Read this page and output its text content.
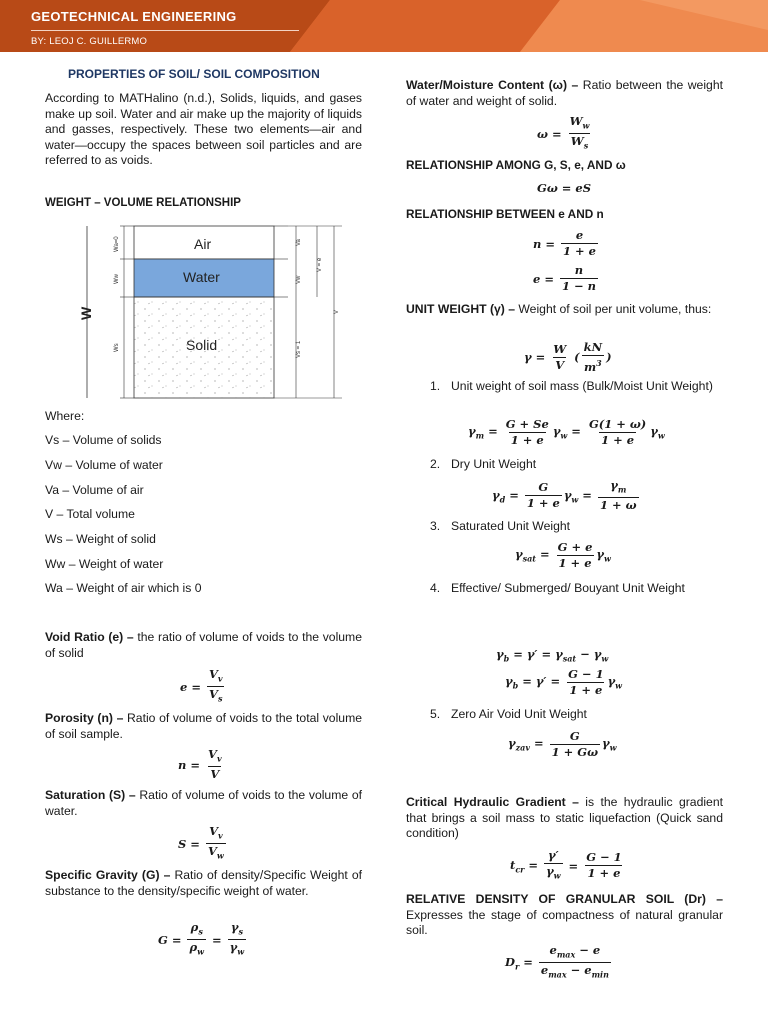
GEOTECHNICAL ENGINEERING
BY: LEOJ C. GUILLERMO
PROPERTIES OF SOIL/ SOIL COMPOSITION
According to MATHalino (n.d.), Solids, liquids, and gases make up soil. Water and air make up the majority of liquids and gasses, respectively. These two elements—air and water—occupy the spaces between soil particles and are referred to as voids.
WEIGHT – VOLUME RELATIONSHIP
Air
Water
Solid
W
Wa=0
Ww
Ws
Va
Vw
Vs = 1
V = e
V
Where:
Vs – Volume of solids
Vw – Volume of water
Va – Volume of air
V – Total volume
Ws – Weight of solid
Ww – Weight of water
Wa – Weight of air which is 0
Void Ratio (e) – the ratio of volume of voids to the volume of solid
$e = \frac{V_v}{V_s}$
Porosity (n) – Ratio of volume of voids to the total volume of soil sample.
$n = \frac{V_v}{V}$
Saturation (S) – Ratio of volume of voids to the volume of water.
$S = \frac{V_v}{V_w}$
Specific Gravity (G) – Ratio of density/Specific Weight of substance to the density/specific weight of water.
$G = \frac{\rho_s}{\rho_w} = \frac{\gamma_s}{\gamma_w}$
Water/Moisture Content (ω) – Ratio between the weight of water and weight of solid.
$\omega = \frac{W_w}{W_s}$
RELATIONSHIP AMONG G, S, e, AND ω
Gω = eS
RELATIONSHIP BETWEEN e AND n
$n = \frac{e}{1 + e}$
$e = \frac{n}{1 - n}$
UNIT WEIGHT (γ) – Weight of soil per unit volume, thus:
$\gamma = \frac{W}{V}$ ( $\frac{kN}{m^3}$ )
1. Unit weight of soil mass (Bulk/Moist Unit Weight)
$\gamma_m = \frac{G + Se}{1 + e} \gamma_w = \frac{G(1 + \omega)}{1 + e} \gamma_w$
2. Dry Unit Weight
$\gamma_d = \frac{G}{1 + e} \gamma_w = \frac{\gamma_m}{1 + \omega}$
3. Saturated Unit Weight
$\gamma_{sat} = \frac{G + e}{1 + e} \gamma_w$
4. Effective/ Submerged/ Bouyant Unit Weight
$\gamma_b = \gamma' = \gamma_{sat} - \gamma_w$
$\gamma_b = \gamma' = \frac{G - 1}{1 + e} \gamma_w$
5. Zero Air Void Unit Weight
$\gamma_{zav} = \frac{G}{1 + G\omega} \gamma_w$
Critical Hydraulic Gradient – is the hydraulic gradient that brings a soil mass to static liquefaction (Quick sand condition)
$t_{cr} = \frac{\gamma'}{\gamma_w} = \frac{G - 1}{1 + e}$
RELATIVE DENSITY OF GRANULAR SOIL (Dr) – Expresses the stage of compactness of natural granular soil.
$D_r = \frac{e_{max} - e}{e_{max} - e_{min}}$
